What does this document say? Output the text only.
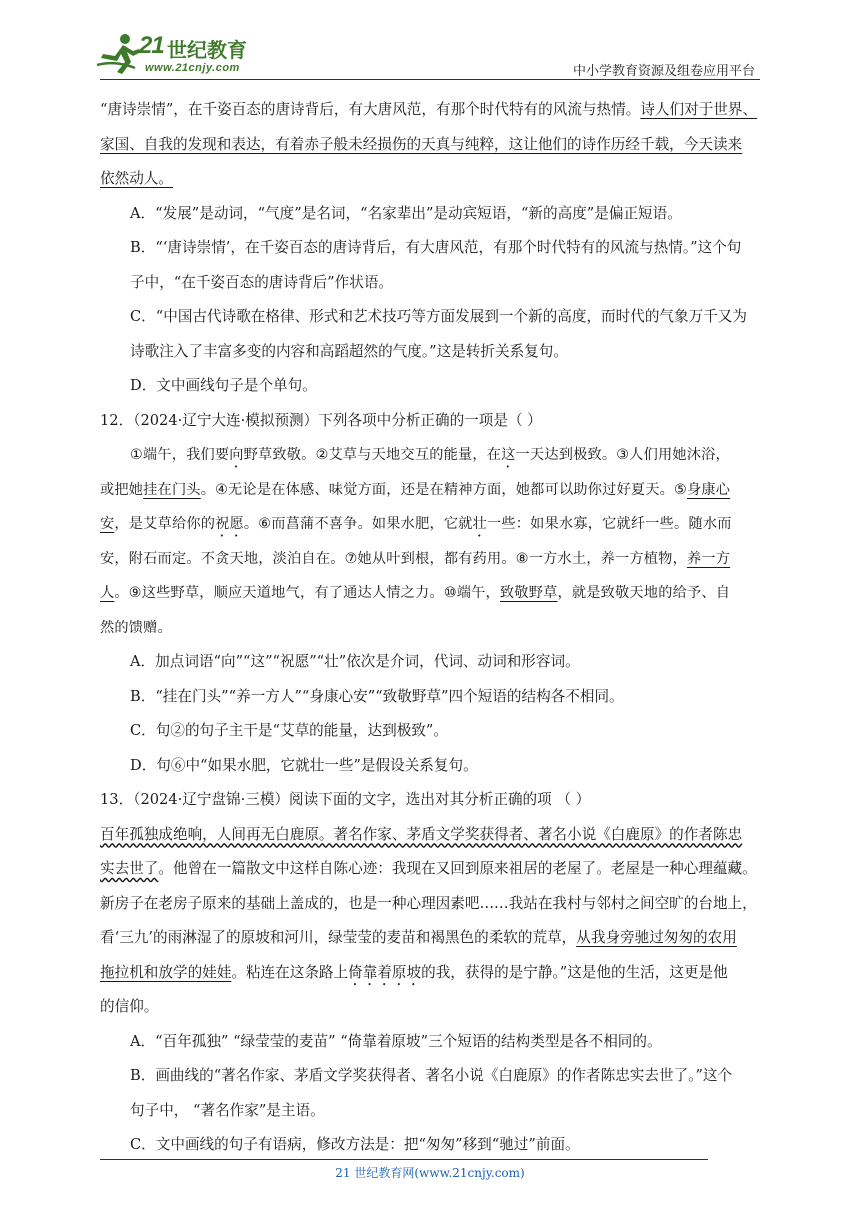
21 世纪教育
www.21cnjy.com	中小学教育资源及组卷应用平台

“唐诗崇情”，在千姿百态的唐诗背后，有大唐风范，有那个时代特有的风流与热情。诗人们对于世界、

家国、自我的发现和表达，有着赤子般未经损伤的天真与纯粹，这让他们的诗作历经千载，今天读来

依然动人。

A．“发展”是动词，“气度”是名词，“名家辈出”是动宾短语，“新的高度”是偏正短语。

B．“‘唐诗崇情’，在千姿百态的唐诗背后，有大唐风范，有那个时代特有的风流与热情。”这个句

子中，“在千姿百态的唐诗背后”作状语。

C．“中国古代诗歌在格律、形式和艺术技巧等方面发展到一个新的高度，而时代的气象万千又为

诗歌注入了丰富多变的内容和高蹈超然的气度。”这是转折关系复句。

D．文中画线句子是个单句。

12．（2024·辽宁大连·模拟预测）下列各项中分析正确的一项是（ ）

①端午，我们要向野草致敬。②艾草与天地交互的能量，在这一天达到极致。③人们用她沐浴，

或把她挂在门头。④无论是在体感、味觉方面，还是在精神方面，她都可以助你过好夏天。⑤身康心

安，是艾草给你的祝愿。⑥而菖蒲不喜争。如果水肥，它就壮一些：如果水寡，它就纤一些。随水而

安，附石而定。不贪天地，淡泊自在。⑦她从叶到根，都有药用。⑧一方水土，养一方植物，养一方

人。⑨这些野草，顺应天道地气，有了通达人情之力。⑩端午，致敬野草，就是致敬天地的给予、自

然的馈赠。

A．加点词语“向”“这”“祝愿”“壮”依次是介词，代词、动词和形容词。

B．“挂在门头”“养一方人”“身康心安”“致敬野草”四个短语的结构各不相同。

C．句②的句子主干是“艾草的能量，达到极致”。

D．句⑥中“如果水肥，它就壮一些”是假设关系复句。

13．（2024·辽宁盘锦·三模）阅读下面的文字，选出对其分析正确的项 （ ）

百年孤独成绝响，人间再无白鹿原。著名作家、茅盾文学奖获得者、著名小说《白鹿原》的作者陈忠

实去世了。他曾在一篇散文中这样自陈心迹：我现在又回到原来祖居的老屋了。老屋是一种心理蕴藏。

新房子在老房子原来的基础上盖成的，也是一种心理因素吧……我站在我村与邻村之间空旷的台地上，

看‘三九’的雨淋湿了的原坡和河川，绿莹莹的麦苗和褐黑色的柔软的荒草，从我身旁驰过匆匆的农用

拖拉机和放学的娃娃。粘连在这条路上倚靠着原坡的我，获得的是宁静。”这是他的生活，这更是他

的信仰。

A．“百年孤独” “绿莹莹的麦苗” “倚靠着原坡”三个短语的结构类型是各不相同的。

B．画曲线的“著名作家、茅盾文学奖获得者、著名小说《白鹿原》的作者陈忠实去世了。”这个

句子中， “著名作家”是主语。

C．文中画线的句子有语病，修改方法是：把“匆匆”移到“驰过”前面。

21 世纪教育网(www.21cnjy.com)
